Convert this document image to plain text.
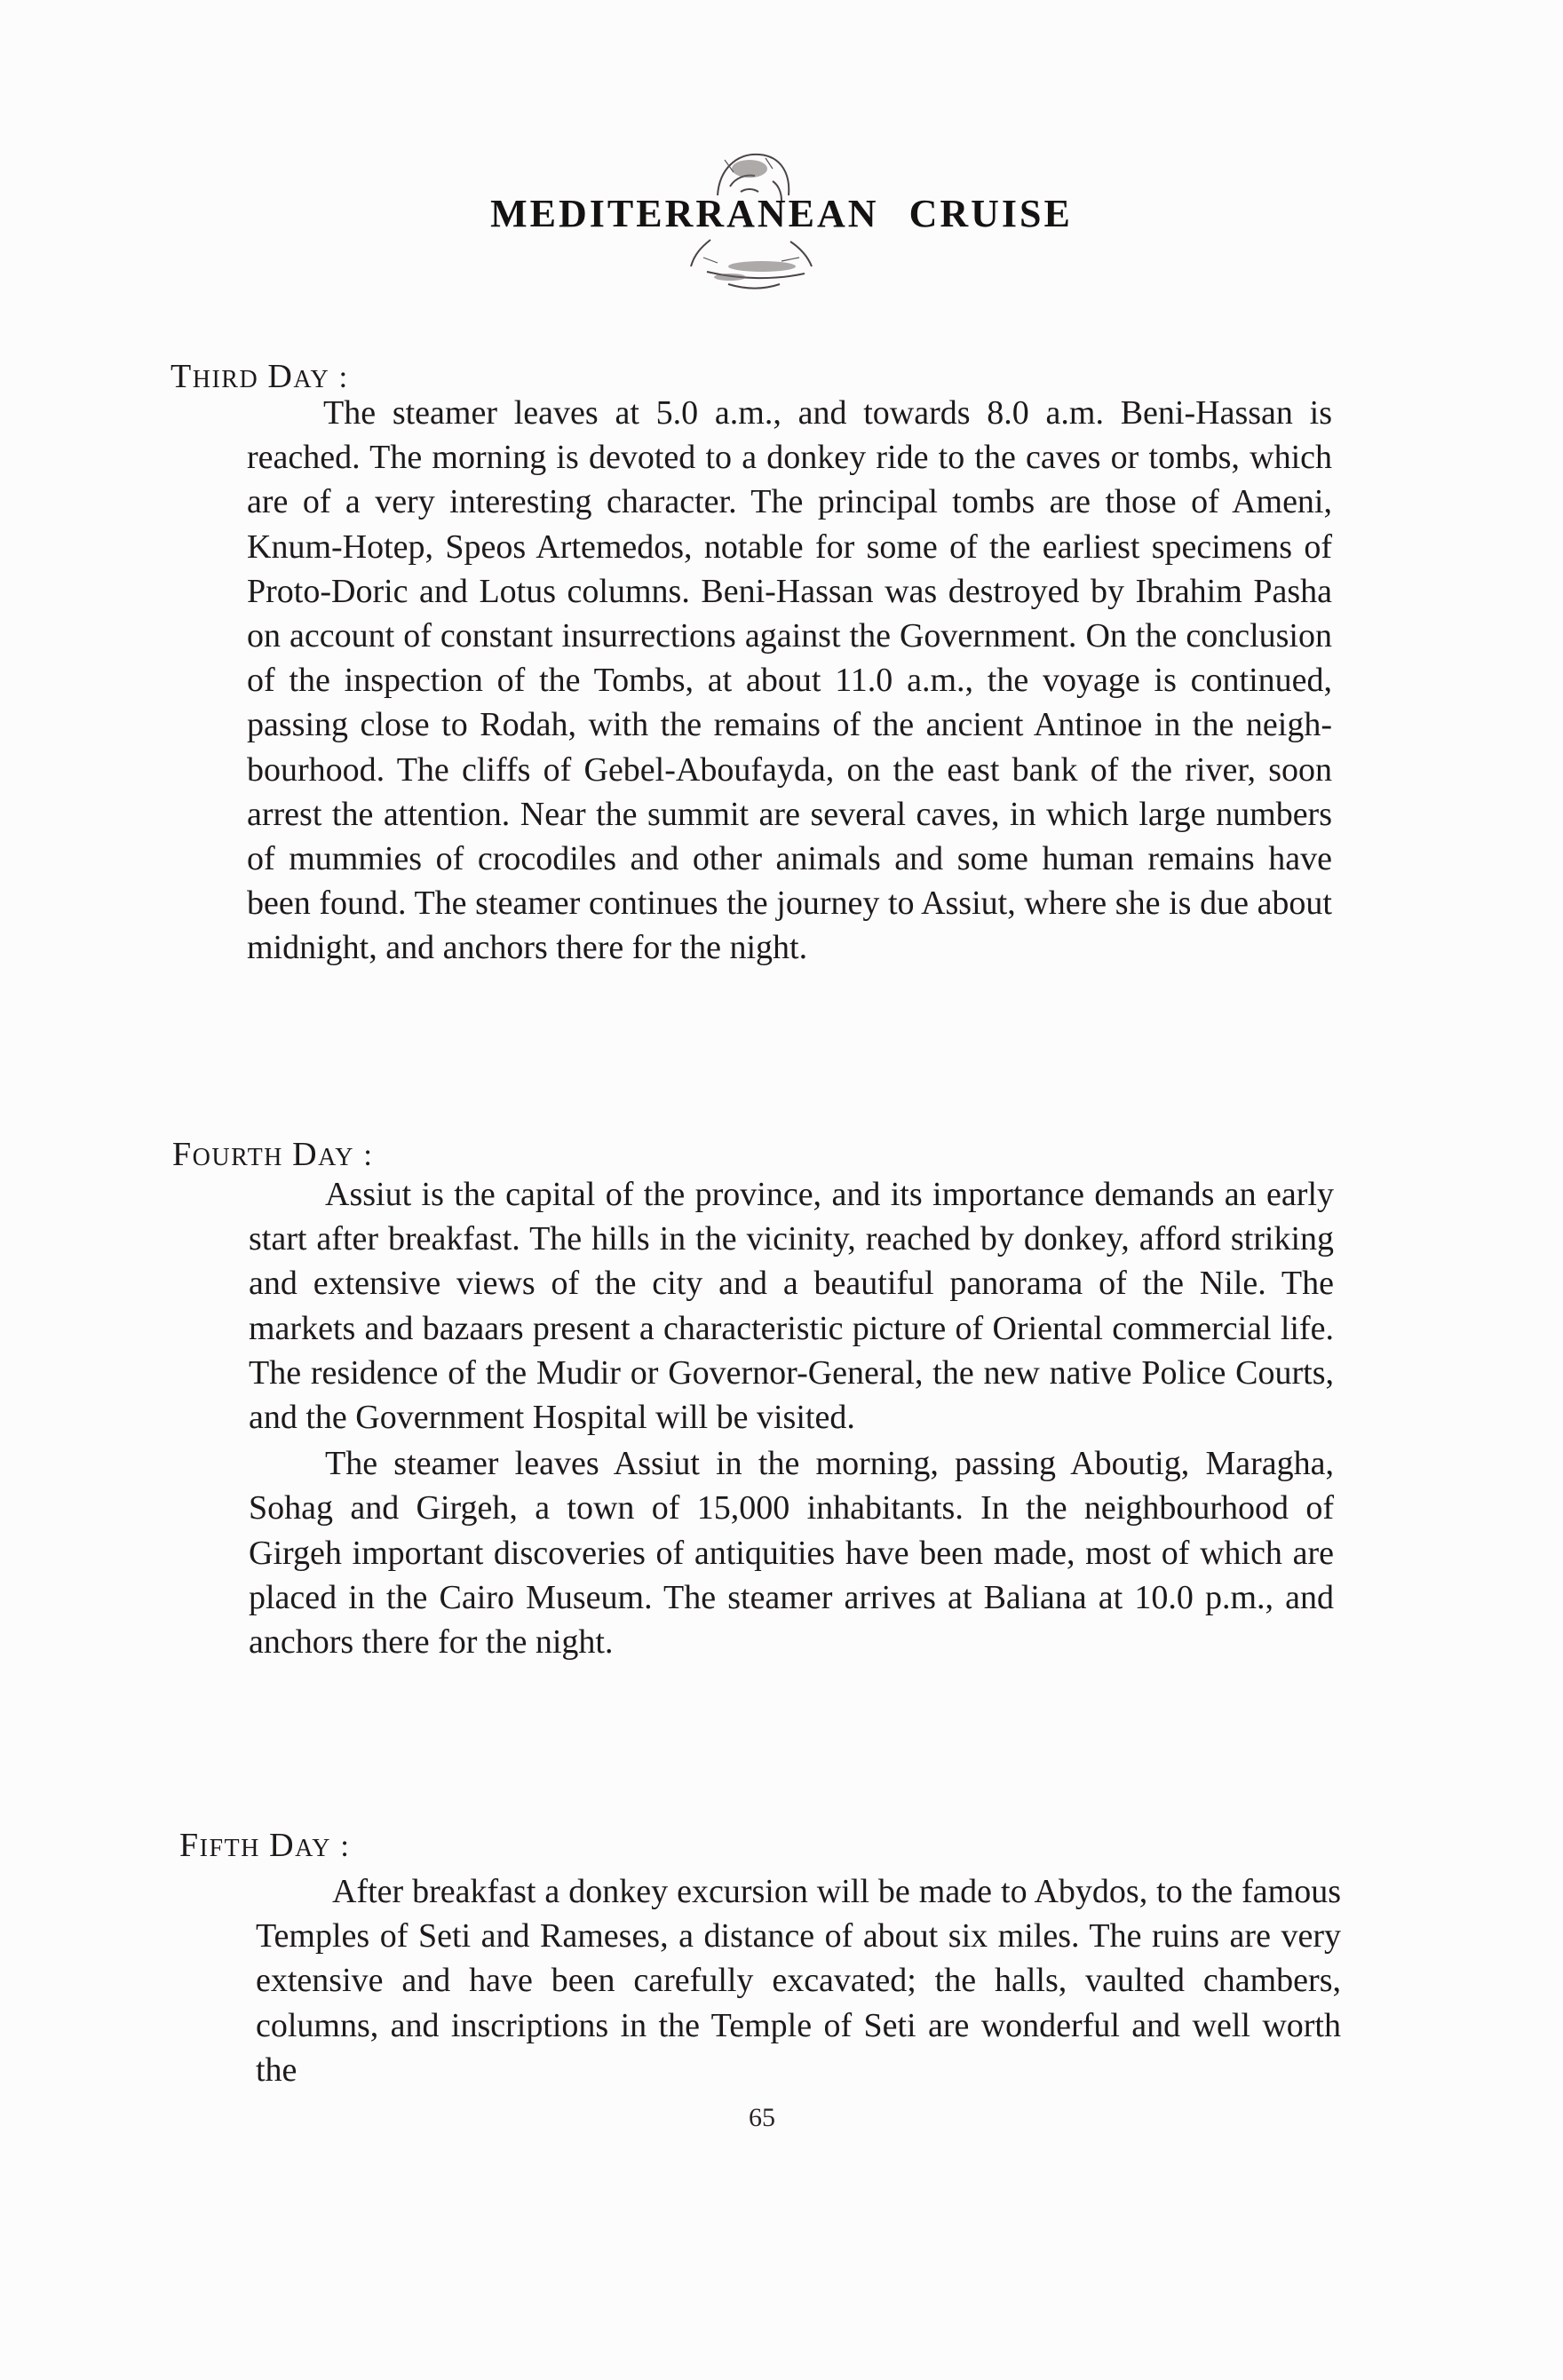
MEDITERRANEAN CRUISE
THIRD DAY :

The steamer leaves at 5.0 a.m., and towards 8.0 a.m. Beni-Hassan is reached. The morning is devoted to a donkey ride to the caves or tombs, which are of a very interesting character. The principal tombs are those of Ameni, Knum-Hotep, Speos Artemedos, notable for some of the earliest specimens of Proto-Doric and Lotus columns. Beni-Hassan was destroyed by Ibrahim Pasha on account of constant insurrections against the Government. On the conclusion of the inspection of the Tombs, at about 11.0 a.m., the voyage is continued, passing close to Rodah, with the remains of the ancient Antinoe in the neighbourhood. The cliffs of Gebel-Aboufayda, on the east bank of the river, soon arrest the attention. Near the summit are several caves, in which large numbers of mummies of crocodiles and other animals and some human remains have been found. The steamer continues the journey to Assiut, where she is due about midnight, and anchors there for the night.

FOURTH DAY :

Assiut is the capital of the province, and its importance demands an early start after breakfast. The hills in the vicinity, reached by donkey, afford striking and extensive views of the city and a beautiful panorama of the Nile. The markets and bazaars present a characteristic picture of Oriental commercial life. The residence of the Mudir or Governor-General, the new native Police Courts, and the Government Hospital will be visited.

The steamer leaves Assiut in the morning, passing Aboutig, Maragha, Sohag and Girgeh, a town of 15,000 inhabitants. In the neighbourhood of Girgeh important discoveries of antiquities have been made, most of which are placed in the Cairo Museum. The steamer arrives at Baliana at 10.0 p.m., and anchors there for the night.

FIFTH DAY :

After breakfast a donkey excursion will be made to Abydos, to the famous Temples of Seti and Rameses, a distance of about six miles. The ruins are very extensive and have been carefully excavated; the halls, vaulted chambers, columns, and inscriptions in the Temple of Seti are wonderful and well worth the

65
